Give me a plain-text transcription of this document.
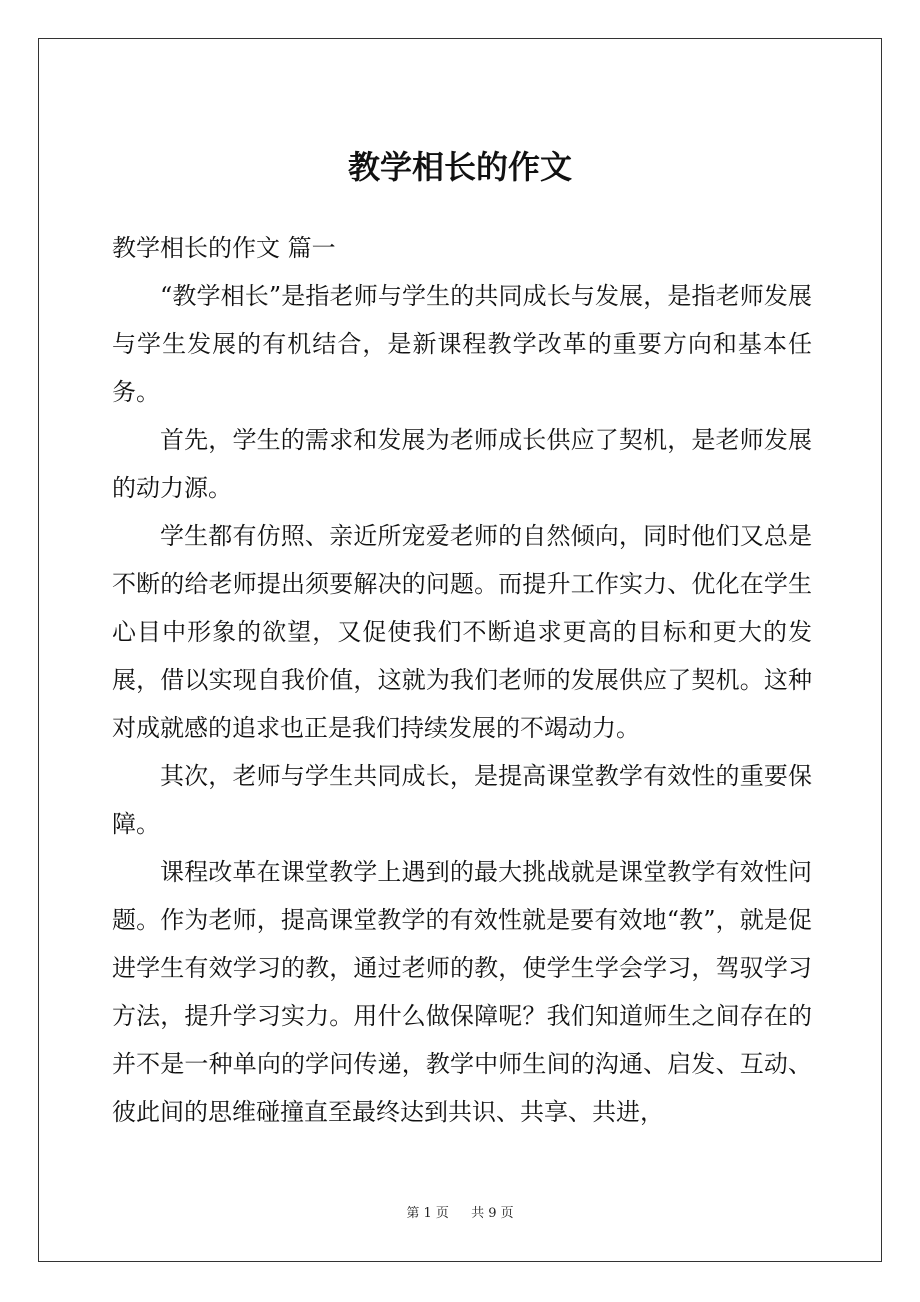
教学相长的作文

教学相长的作文 篇一

“教学相长”是指老师与学生的共同成长与发展，是指老师发展与学生发展的有机结合，是新课程教学改革的重要方向和基本任务。

首先，学生的需求和发展为老师成长供应了契机，是老师发展的动力源。

学生都有仿照、亲近所宠爱老师的自然倾向，同时他们又总是不断的给老师提出须要解决的问题。而提升工作实力、优化在学生心目中形象的欲望，又促使我们不断追求更高的目标和更大的发展，借以实现自我价值，这就为我们老师的发展供应了契机。这种对成就感的追求也正是我们持续发展的不竭动力。

其次，老师与学生共同成长，是提高课堂教学有效性的重要保障。

课程改革在课堂教学上遇到的最大挑战就是课堂教学有效性问题。作为老师，提高课堂教学的有效性就是要有效地“教”，就是促进学生有效学习的教，通过老师的教，使学生学会学习，驾驭学习方法，提升学习实力。用什么做保障呢？我们知道师生之间存在的并不是一种单向的学问传递，教学中师生间的沟通、启发、互动、彼此间的思维碰撞直至最终达到共识、共享、共进，

第 1 页 共 9 页
